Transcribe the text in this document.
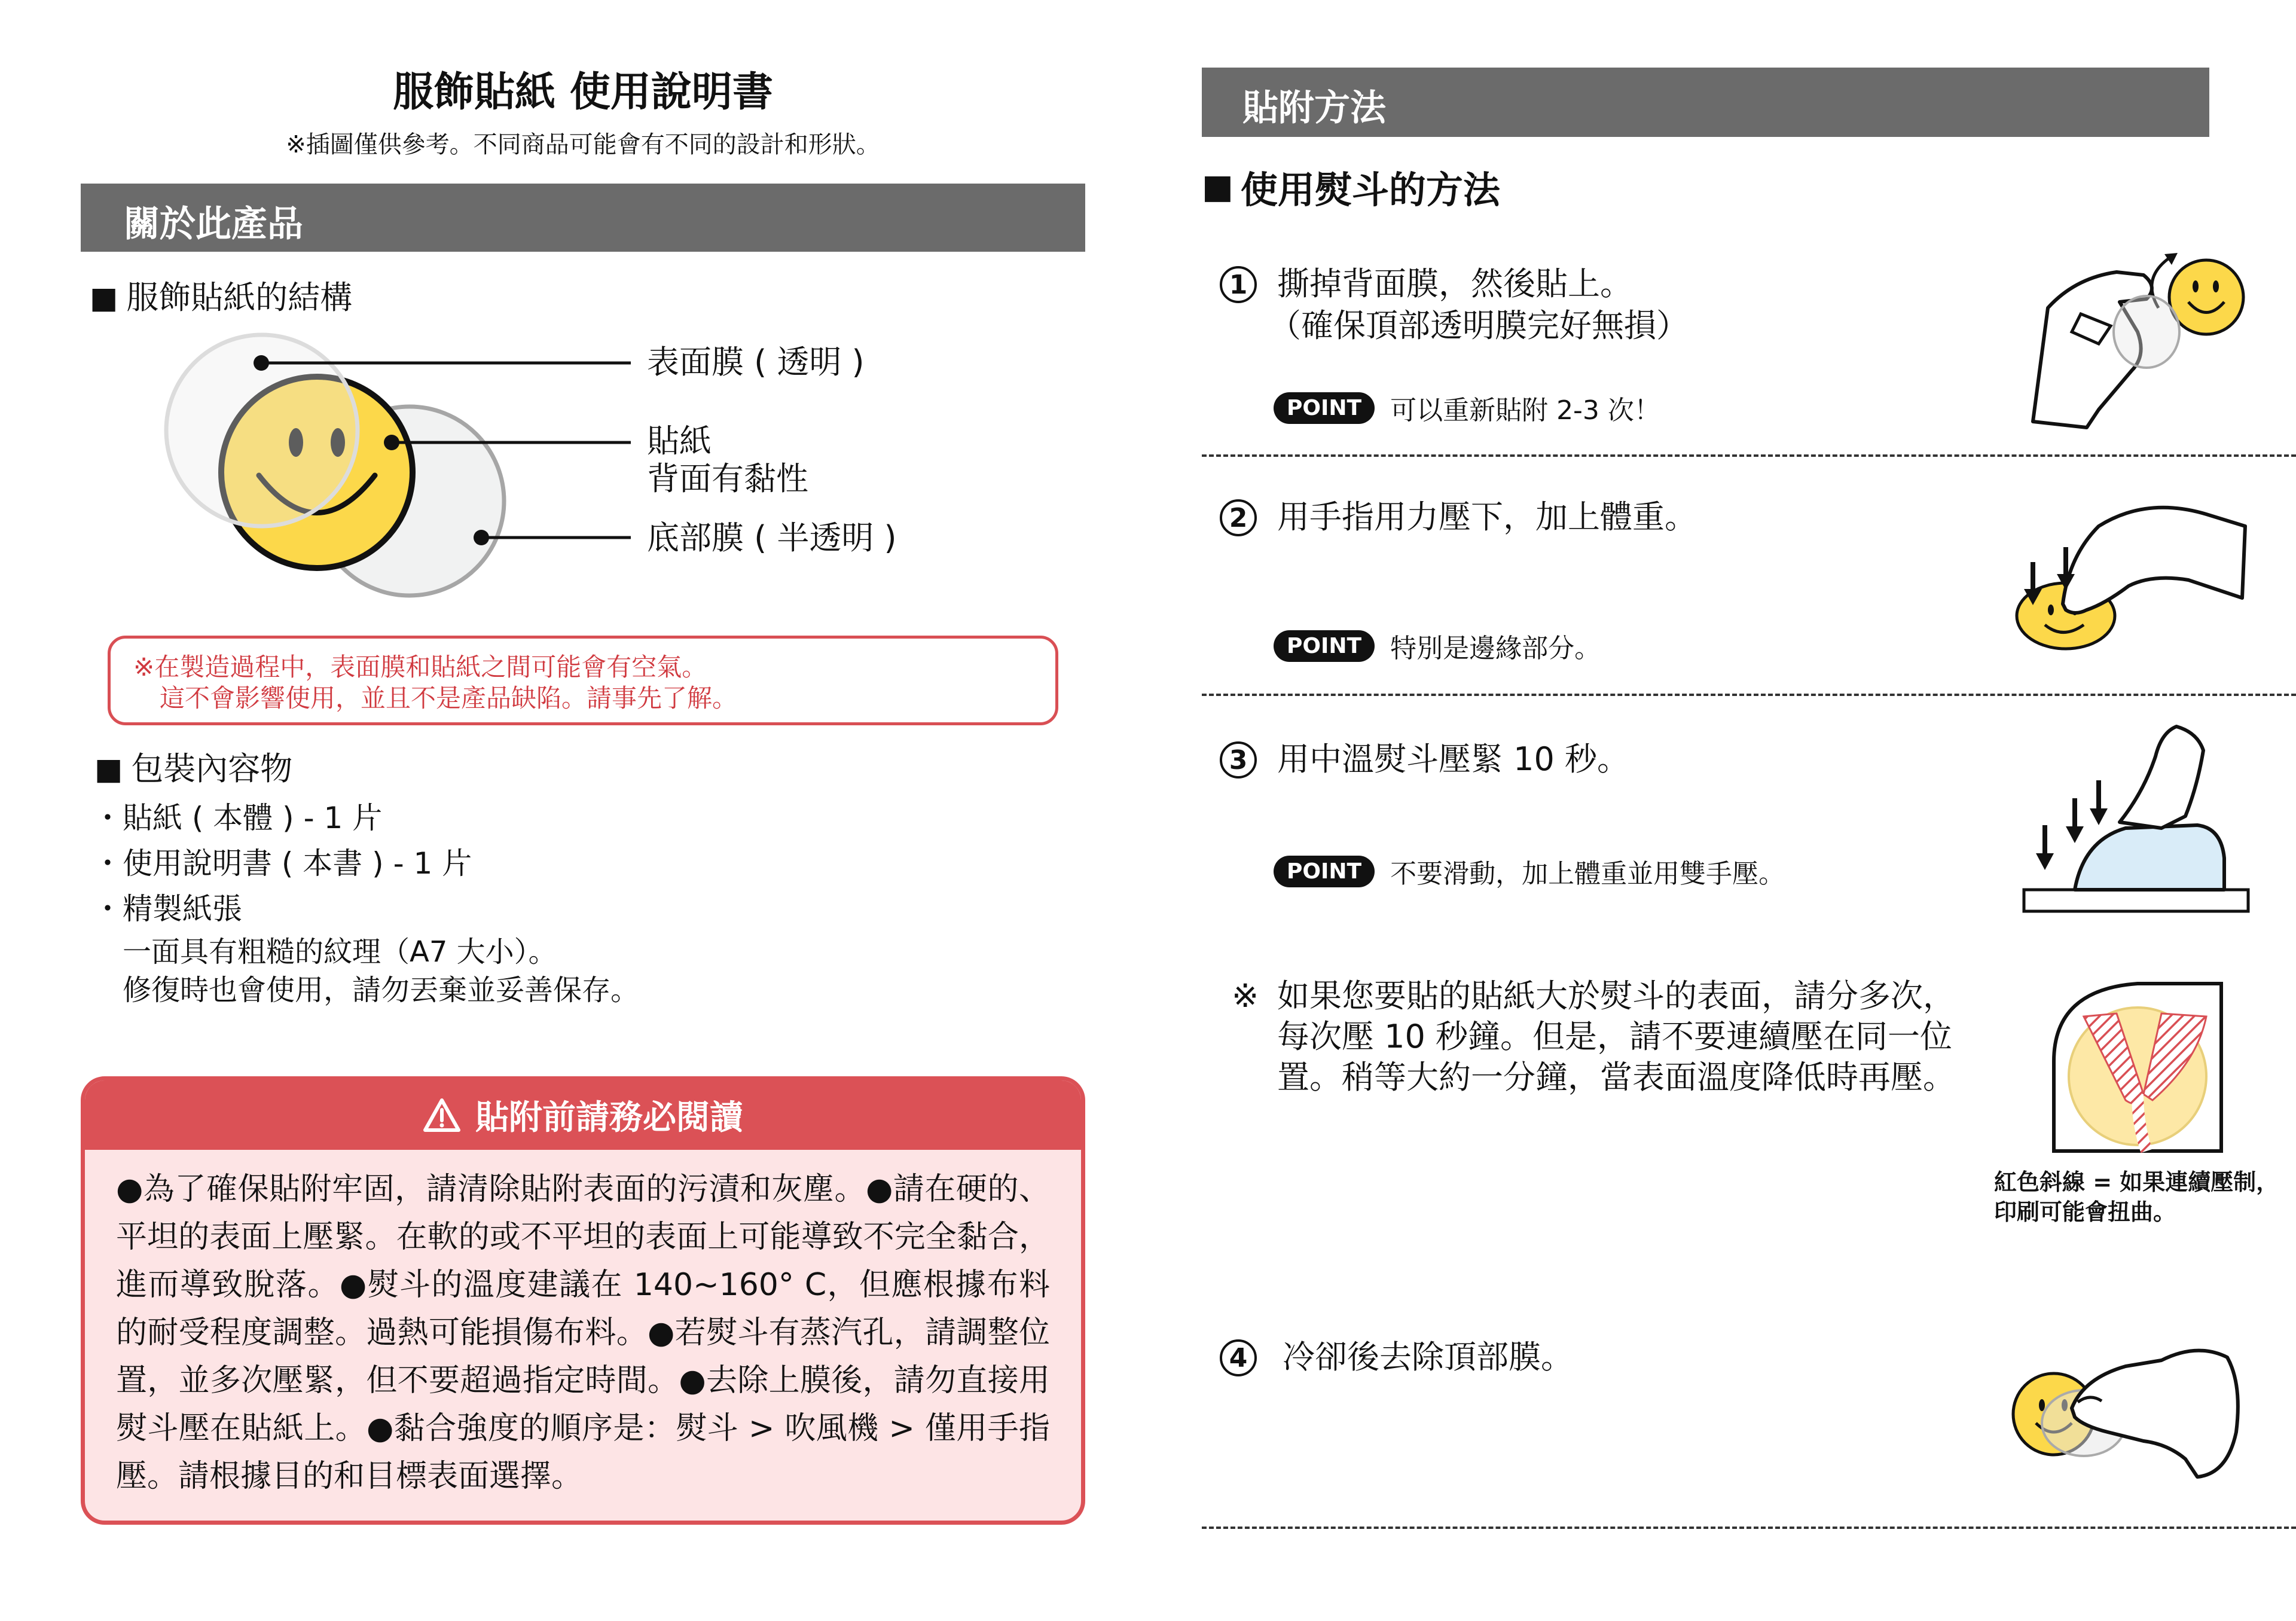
服飾貼紙 使用說明書
※插圖僅供參考。不同商品可能會有不同的設計和形狀。
關於此產品
■ 服飾貼紙的結構
表面膜 ( 透明 )
貼紙
背面有黏性
底部膜 ( 半透明 )
※在製造過程中，表面膜和貼紙之間可能會有空氣。
這不會影響使用，並且不是產品缺陷。請事先了解。
■ 包裝內容物
・貼紙 ( 本體 ) - 1 片
・使用說明書 ( 本書 ) - 1 片
・精製紙張
一面具有粗糙的紋理（A7 大小）。
修復時也會使用，請勿丟棄並妥善保存。
貼附前請務必閱讀
●為了確保貼附牢固，請清除貼附表面的污漬和灰塵。●請在硬的、平坦的表面上壓緊。在軟的或不平坦的表面上可能導致不完全黏合，進而導致脫落。●熨斗的溫度建議在 140~160° C，但應根據布料的耐受程度調整。過熱可能損傷布料。●若熨斗有蒸汽孔，請調整位置，並多次壓緊，但不要超過指定時間。●去除上膜後，請勿直接用熨斗壓在貼紙上。●黏合強度的順序是：熨斗 > 吹風機 > 僅用手指壓。請根據目的和目標表面選擇。
貼附方法
■ 使用熨斗的方法
1 撕掉背面膜，然後貼上。
（確保頂部透明膜完好無損）
POINT	可以重新貼附 2-3 次！
2 用手指用力壓下，加上體重。
POINT	特別是邊緣部分。
3 用中溫熨斗壓緊 10 秒。
POINT	不要滑動，加上體重並用雙手壓。
※ 如果您要貼的貼紙大於熨斗的表面，請分多次，每次壓 10 秒鐘。但是，請不要連續壓在同一位置。稍等大約一分鐘，當表面溫度降低時再壓。
紅色斜線 = 如果連續壓制，
印刷可能會扭曲。
4 冷卻後去除頂部膜。
